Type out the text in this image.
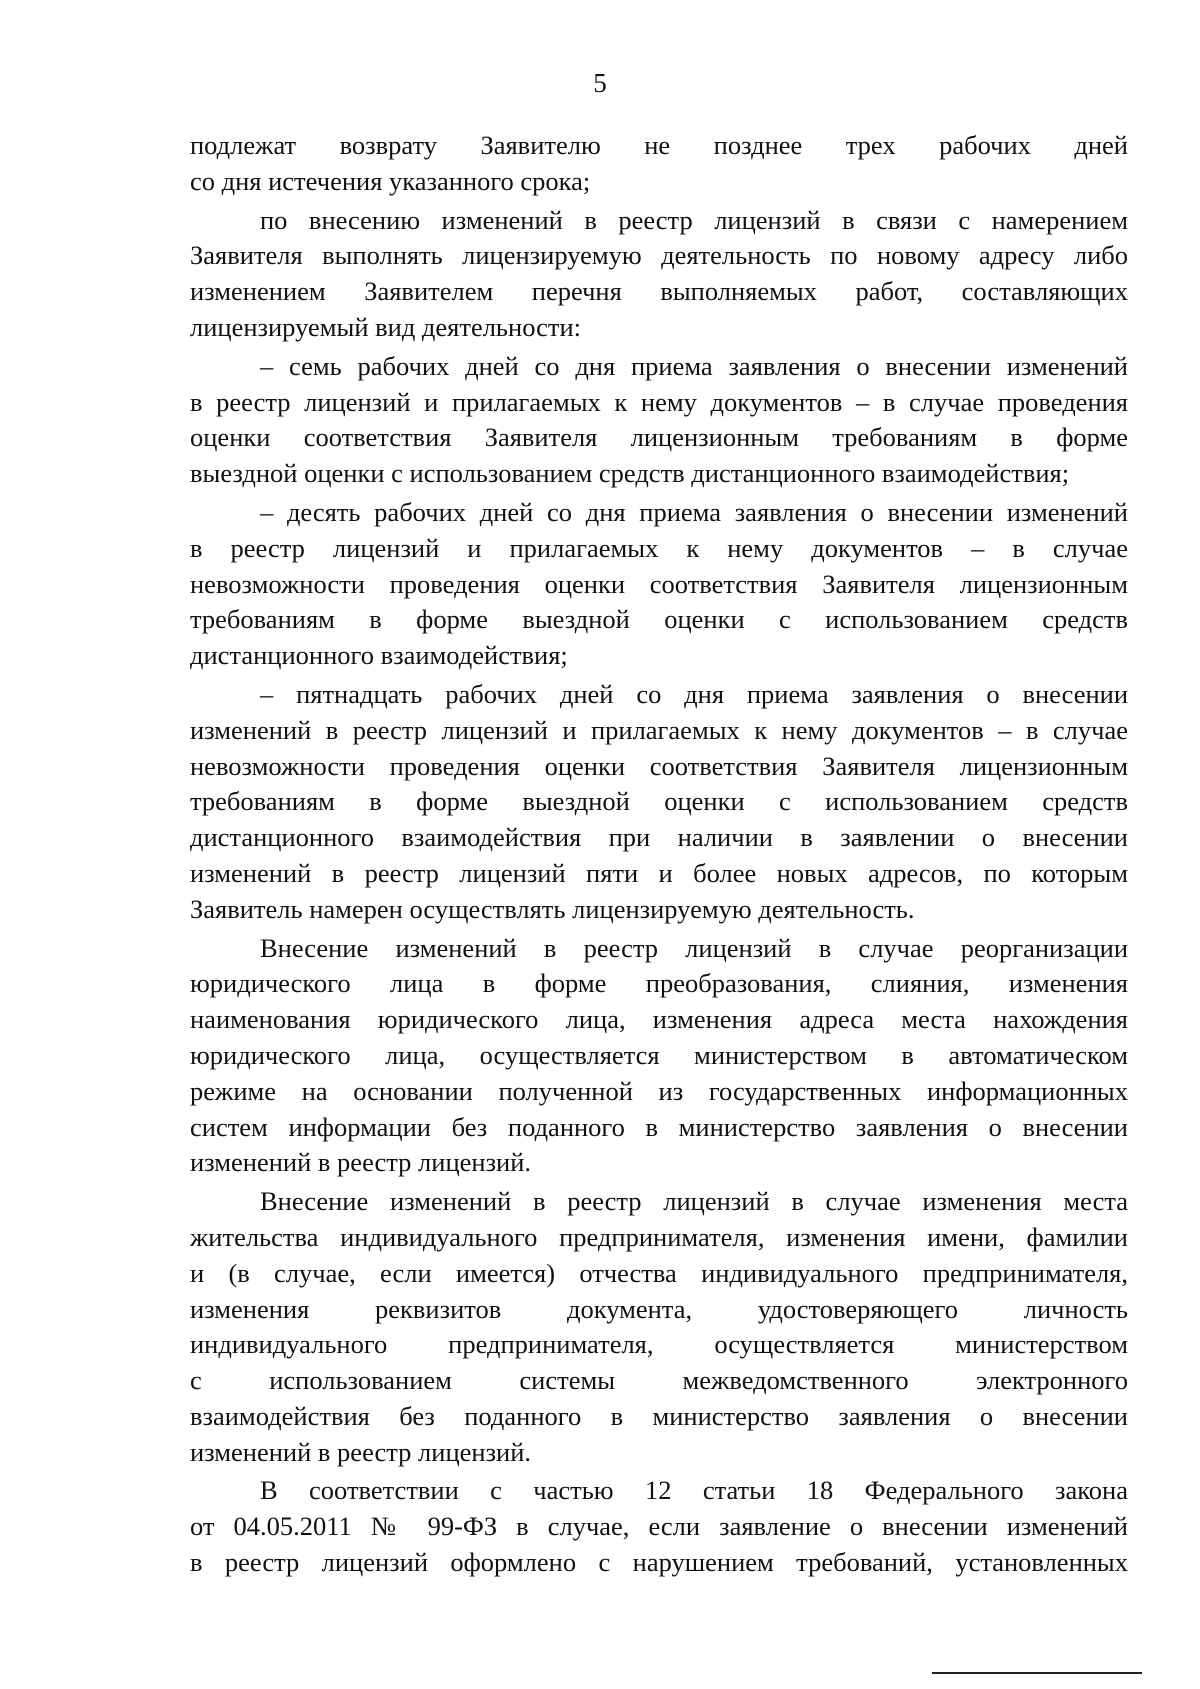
5
подлежат возврату Заявителю не позднее трех рабочих дней
со дня истечения указанного срока;
по внесению изменений в реестр лицензий в связи с намерением
Заявителя выполнять лицензируемую деятельность по новому адресу либо
изменением Заявителем перечня выполняемых работ, составляющих
лицензируемый вид деятельности:
– семь рабочих дней со дня приема заявления о внесении изменений
в реестр лицензий и прилагаемых к нему документов – в случае проведения
оценки соответствия Заявителя лицензионным требованиям в форме
выездной оценки с использованием средств дистанционного взаимодействия;
– десять рабочих дней со дня приема заявления о внесении изменений
в реестр лицензий и прилагаемых к нему документов – в случае
невозможности проведения оценки соответствия Заявителя лицензионным
требованиям в форме выездной оценки с использованием средств
дистанционного взаимодействия;
– пятнадцать рабочих дней со дня приема заявления о внесении
изменений в реестр лицензий и прилагаемых к нему документов – в случае
невозможности проведения оценки соответствия Заявителя лицензионным
требованиям в форме выездной оценки с использованием средств
дистанционного взаимодействия при наличии в заявлении о внесении
изменений в реестр лицензий пяти и более новых адресов, по которым
Заявитель намерен осуществлять лицензируемую деятельность.
Внесение изменений в реестр лицензий в случае реорганизации
юридического лица в форме преобразования, слияния, изменения
наименования юридического лица, изменения адреса места нахождения
юридического лица, осуществляется министерством в автоматическом
режиме на основании полученной из государственных информационных
систем информации без поданного в министерство заявления о внесении
изменений в реестр лицензий.
Внесение изменений в реестр лицензий в случае изменения места
жительства индивидуального предпринимателя, изменения имени, фамилии
и (в случае, если имеется) отчества индивидуального предпринимателя,
изменения реквизитов документа, удостоверяющего личность
индивидуального предпринимателя, осуществляется министерством
с использованием системы межведомственного электронного
взаимодействия без поданного в министерство заявления о внесении
изменений в реестр лицензий.
В соответствии с частью 12 статьи 18 Федерального закона
от 04.05.2011 № 99-ФЗ в случае, если заявление о внесении изменений
в реестр лицензий оформлено с нарушением требований, установленных
